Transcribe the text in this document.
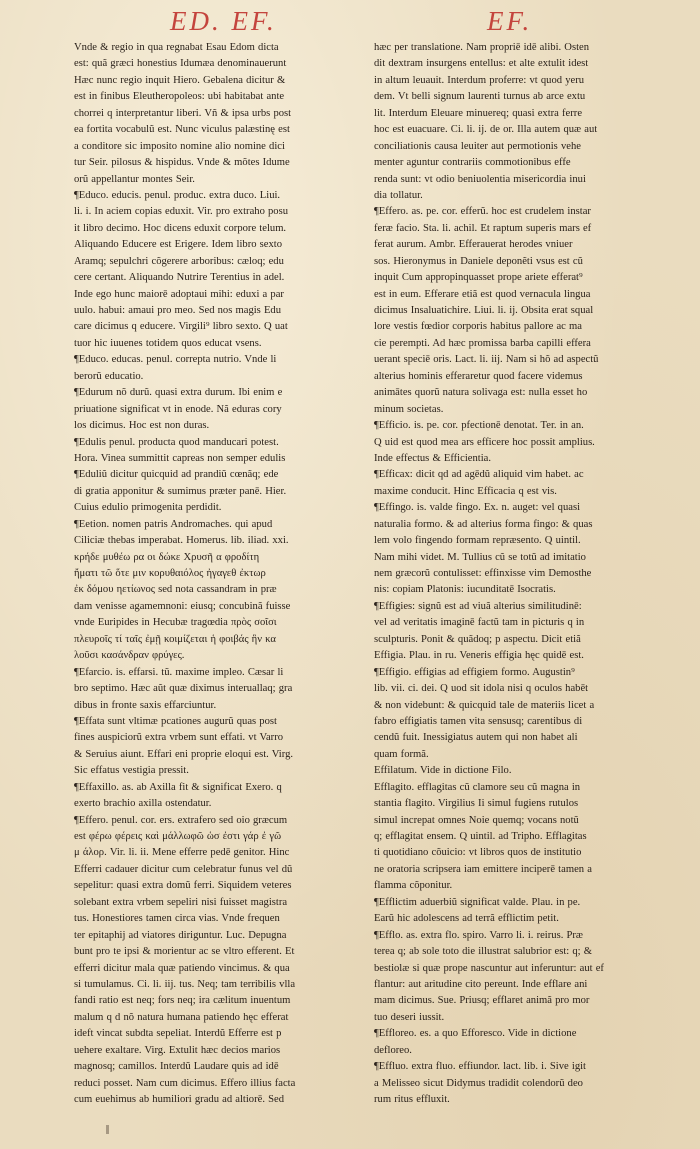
ED. EF.	EF.
Vnde & regio in qua regnabat Esau Edom dicta
est: quã græci honestius Idumæa denominauerunt
Hæc nunc regio inquit Hiero. Gebalena dicitur &
est in finibus Eleutheropoleos: ubi habitabat ante
chorrei q interpretantur liberi. Vñ & ipsa urbs post
ea fortita vocabulũ est. Nunc viculus palæstinę est
a conditore sic imposito nomine alio nomine dici
tur Seir. pilosus & hispidus. Vnde & mõtes Idume
orũ appellantur montes Seir.
¶Educo. educis. penul. produc. extra duco. Liui.
li. i. In aciem copias eduxit. Vir. pro extraho posu
it libro decimo. Hoc dicens eduxit corpore telum.
Aliquando Educere est Erigere. Idem libro sexto
Aramq; sepulchri cõgerere arboribus: cæloq; edu
cere certant. Aliquando Nutrire Terentius in adel.
Inde ego hunc maiorē adoptaui mihi: eduxi a par
uulo. habui: amaui pro meo. Sed nos magis Edu
care dicimus q educere. Virgili⁹ libro sexto. Q uat
tuor hic iuuenes totidem quos educat vsens.
¶Educo. educas. penul. correpta nutrio. Vnde li
berorũ educatio.
¶Edurum nõ durũ. quasi extra durum. Ibi enim e
priuatione significat vt in enode. Nã eduras cory
los dicimus. Hoc est non duras.
¶Edulis penul. producta quod manducari potest.
Hora. Vinea summittit capreas non semper edulis
¶Eduliũ dicitur quicquid ad prandiũ cœnãq; ede
di gratia apponitur & sumimus præter panē. Hier.
Cuius edulio primogenita perdidit.
¶Eetion. nomen patris Andromaches. qui apud
Ciliciæ thebas imperabat. Homerus. lib. iliad. xxi.
κρήδε μυθέω ρα οι δώκε Χρυσῆ α φροδίτη
ἤματι τῶ ὅτε μιν κορυθαιόλος ἠγαγεθ ἐκτωρ
ἐκ δόμου ηετίωνος sed nota cassandram in præ
dam venisse agamemnoni: eiusq; concubinã fuisse
vnde Euripides in Hecubæ tragœdia πρὸς σοῖσι
πλευροῖς τί ταῖς ἐμῇ κοιμίζεται ἡ φοιβάς ἣν κα
λοῦσι κασάνδραν φρύγες.
¶Efarcio. is. effarsi. tũ. maxime impleo. Cæsar li
bro septimo. Hæc aũt quæ diximus interuallaq; gra
dibus in fronte saxis effarciuntur.
¶Effata sunt vltimæ pcationes augurũ quas post
fines auspiciorũ extra vrbem sunt effati. vt Varro
& Seruius aiunt. Effari eni proprie eloqui est. Virg.
Sic effatus vestigia pressit.
¶Effaxillo. as. ab Axilla fit & significat Exero. q
exerto brachio axilla ostendatur.
¶Effero. penul. cor. ers. extrafero sed oio græcum
est φέρω φέρεις καὶ μάλλωφῶ ὡσ ἐστι γάρ ἐ γῶ
μ άλορ. Vir. li. ii. Mene efferre pedē genitor. Hinc
Efferri cadauer dicitur cum celebratur funus vel dũ
sepelitur: quasi extra domũ ferri. Siquidem veteres
solebant extra vrbem sepeliri nisi fuisset magistra
tus. Honestiores tamen circa vias. Vnde frequen
ter epitaphij ad viatores diriguntur. Luc. Depugna
bunt pro te ipsi & morientur ac se vltro efferent. Et
efferri dicitur mala quæ patiendo vincimus. & qua
si tumulamus. Ci. li. iij. tus. Neq; tam terribilis vlla
fandi ratio est neq; fors neq; ira cælitum inuentum
malum q d nõ natura humana patiendo hęc efferat
ideft vincat subdta sepeliat. Interdũ Efferre est p
uehere exaltare. Virg. Extulit hæc decios marios
magnosq; camillos. Interdũ Laudare quis ad idē
reduci posset. Nam cum dicimus. Effero illius facta
cum euehimus ab humiliori gradu ad altiorē. Sed
hæc per translatione. Nam propriē idē alibi. Osten
dit dextram insurgens entellus: et alte extulit idest
in altum leuauit. Interdum proferre: vt quod yeru
dem. Vt belli signum laurenti turnus ab arce extu
lit. Interdum Eleuare minuereq; quasi extra ferre
hoc est euacuare. Ci. li. ij. de or. Illa autem quæ aut
conciliationis causa leuiter aut permotionis vehe
menter aguntur contrariis commotionibus effe
renda sunt: vt odio beniuolentia misericordia inui
dia tollatur.
¶Effero. as. pe. cor. efferũ. hoc est crudelem instar
feræ facio. Sta. li. achil. Et raptum superis mars ef
ferat aurum. Ambr. Efferauerat herodes vniuer
sos. Hieronymus in Daniele deponẽti vsus est cũ
inquit Cum appropinquasset prope ariete efferat⁹
est in eum. Efferare etiã est quod vernacula lingua
dicimus Insaluatichire. Liui. li. ij. Obsita erat squal
lore vestis fœdior corporis habitus pallore ac ma
cie perempti. Ad hæc promissa barba capilli effera
uerant speciē oris. Lact. li. iij. Nam si hõ ad aspectũ
alterius hominis efferaretur quod facere videmus
animātes quorũ natura solivaga est: nulla esset ho
minum societas.
¶Efficio. is. pe. cor. pfectionē denotat. Ter. in an.
Q uid est quod mea ars efficere hoc possit amplius.
Inde effectus & Efficientia.
¶Efficax: dicit qd ad agēdũ aliquid vim habet. ac
maxime conducit. Hinc Efficacia q est vis.
¶Effingo. is. valde fingo. Ex. n. auget: vel quasi
naturalia formo. & ad alterius forma fingo: & quas
lem volo fingendo formam repræsento. Q uintil.
Nam mihi videt. M. Tullius cũ se totũ ad imitatio
nem græcorũ contulisset: effinxisse vim Demosthe
nis: copiam Platonis: iucunditatē Isocratis.
¶Effigies: signũ est ad viuã alterius similitudinē:
vel ad veritatis imaginē factũ tam in picturis q in
sculpturis. Ponit & quãdoq; p aspectu. Dicit etiã
Effigia. Plau. in ru. Veneris effigia hęc quidē est.
¶Effigio. effigias ad effigiem formo. Augustin⁹
lib. vii. ci. dei. Q uod sit idola nisi q oculos habēt
& non videbunt: & quicquid tale de materiis licet a
fabro effigiatis tamen vita sensusq; carentibus di
cendũ fuit. Inessigiatus autem qui non habet ali
quam formã.
Effilatum. Vide in dictione Filo.
Efflagito. efflagitas cũ clamore seu cũ magna in
stantia flagito. Virgilius Ii simul fugiens rutulos
simul increpat omnes Noie quemq; vocans notũ
q; efflagitat ensem. Q uintil. ad Tripho. Efflagitas
ti quotidiano cõuicio: vt libros quos de institutio
ne oratoria scripsera iam emittere inciperē tamen a
flamma cõponitur.
¶Efflictim aduerbiũ significat valde. Plau. in pe.
Earũ hic adolescens ad terrã efflictim petit.
¶Efflo. as. extra flo. spiro. Varro li. i. reirus. Præ
terea q; ab sole toto die illustrat salubrior est: q; &
bestiolæ si quæ prope nascuntur aut inferuntur: aut ef
flantur: aut aritudine cito pereunt. Inde efflare ani
mam dicimus. Sue. Priusq; efflaret animã pro mor
tuo deseri iussit.
¶Effloreo. es. a quo Efforesco. Vide in dictione
defloreo.
¶Effluo. extra fluo. effiundor. lact. lib. i. Sive igit
a Melisseo sicut Didymus tradidit colendorũ deo
rum ritus effluxit.
